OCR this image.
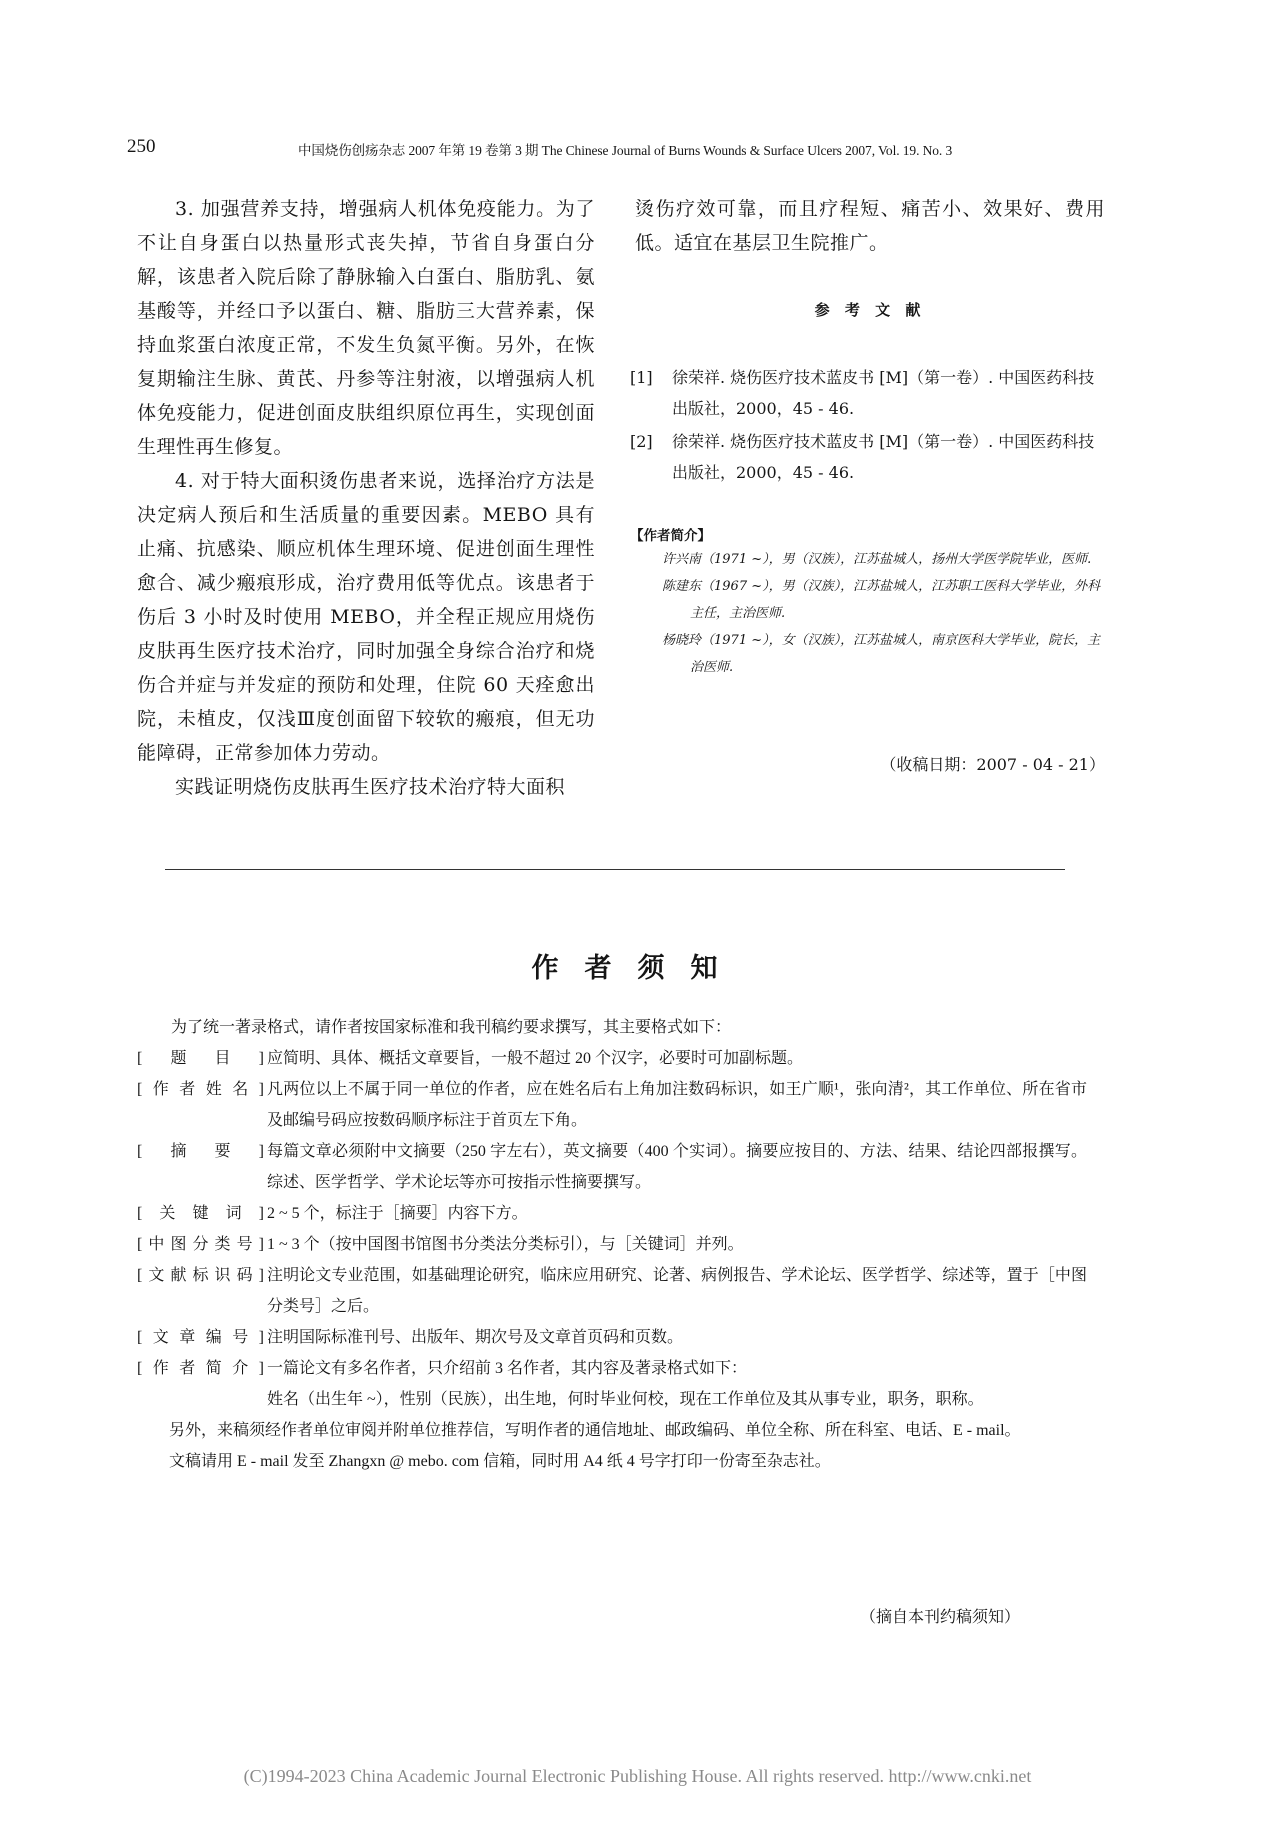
250	中国烧伤创疡杂志 2007 年第 19 卷第 3 期 The Chinese Journal of Burns Wounds & Surface Ulcers 2007, Vol. 19. No. 3

3. 加强营养支持，增强病人机体免疫能力。为了不让自身蛋白以热量形式丧失掉，节省自身蛋白分解，该患者入院后除了静脉输入白蛋白、脂肪乳、氨基酸等，并经口予以蛋白、糖、脂肪三大营养素，保持血浆蛋白浓度正常，不发生负氮平衡。另外，在恢复期输注生脉、黄芪、丹参等注射液，以增强病人机体免疫能力，促进创面皮肤组织原位再生，实现创面生理性再生修复。

4. 对于特大面积烫伤患者来说，选择治疗方法是决定病人预后和生活质量的重要因素。MEBO 具有止痛、抗感染、顺应机体生理环境、促进创面生理性愈合、减少瘢痕形成，治疗费用低等优点。该患者于伤后 3 小时及时使用 MEBO，并全程正规应用烧伤皮肤再生医疗技术治疗，同时加强全身综合治疗和烧伤合并症与并发症的预防和处理，住院 60 天痊愈出院，未植皮，仅浅Ⅲ度创面留下较软的瘢痕，但无功能障碍，正常参加体力劳动。

实践证明烧伤皮肤再生医疗技术治疗特大面积

烫伤疗效可靠，而且疗程短、痛苦小、效果好、费用低。适宜在基层卫生院推广。

参 考 文 献
[1]	徐荣祥. 烧伤医疗技术蓝皮书 [M]（第一卷）. 中国医药科技出版社，2000，45 - 46.
[2]	徐荣祥. 烧伤医疗技术蓝皮书 [M]（第一卷）. 中国医药科技出版社，2000，45 - 46.
【作者简介】
许兴南（1971 ~），男（汉族），江苏盐城人，扬州大学医学院毕业，医师.
陈建东（1967 ~），男（汉族），江苏盐城人，江苏职工医科大学毕业，外科主任，主治医师.
杨晓玲（1971 ~），女（汉族），江苏盐城人，南京医科大学毕业，院长，主治医师.
（收稿日期：2007 - 04 - 21）
作者须知
为了统一著录格式，请作者按国家标准和我刊稿约要求撰写，其主要格式如下：
[题目] 应简明、具体、概括文章要旨，一般不超过 20 个汉字，必要时可加副标题。
[作者姓名] 凡两位以上不属于同一单位的作者，应在姓名后右上角加注数码标识，如王广顺¹，张向清²，其工作单位、所在省市及邮编号码应按数码顺序标注于首页左下角。
[摘要] 每篇文章必须附中文摘要（250 字左右），英文摘要（400 个实词）。摘要应按目的、方法、结果、结论四部报撰写。综述、医学哲学、学术论坛等亦可按指示性摘要撰写。
[关键词] 2 ~ 5 个，标注于［摘要］内容下方。
[中图分类号] 1 ~ 3 个（按中国图书馆图书分类法分类标引），与［关键词］并列。
[文献标识码] 注明论文专业范围，如基础理论研究，临床应用研究、论著、病例报告、学术论坛、医学哲学、综述等，置于［中图分类号］之后。
[文章编号] 注明国际标准刊号、出版年、期次号及文章首页码和页数。
[作者简介] 一篇论文有多名作者，只介绍前 3 名作者，其内容及著录格式如下：
姓名（出生年 ~），性别（民族），出生地，何时毕业何校，现在工作单位及其从事专业，职务，职称。
另外，来稿须经作者单位审阅并附单位推荐信，写明作者的通信地址、邮政编码、单位全称、所在科室、电话、E - mail。
文稿请用 E - mail 发至 Zhangxn @ mebo. com 信箱，同时用 A4 纸 4 号字打印一份寄至杂志社。
（摘自本刊约稿须知）
(C)1994-2023 China Academic Journal Electronic Publishing House. All rights reserved. http://www.cnki.net
